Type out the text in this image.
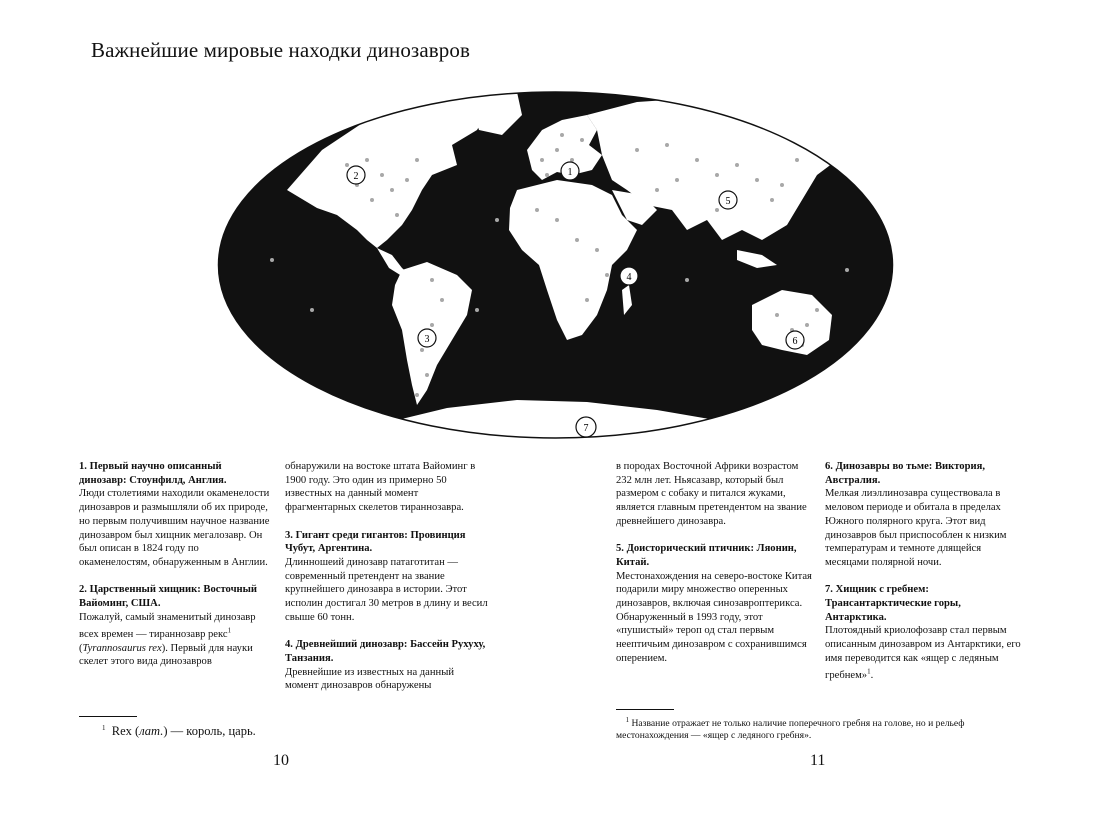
Важнейшие мировые находки динозавров
1
2
3
4
5
6
7

1. Первый научно описанный динозавр: Стоунфилд, Англия.
Люди столетиями находили окаменелости динозавров и размышляли об их природе, но первым получившим научное название динозавром был хищник мегалозавр. Он был описан в 1824 году по окаменелостям, обнаруженным в Англии.

2. Царственный хищник: Восточный Вайоминг, США.
Пожалуй, самый знаменитый динозавр всех времен — тираннозавр рекс$^1$ (Tyrannosaurus rex). Первый для науки скелет этого вида динозавров

обнаружили на востоке штата Вайоминг в 1900 году. Это один из примерно 50 известных на данный момент фрагментарных скелетов тираннозавра.

3. Гигант среди гигантов: Провинция Чубут, Аргентина.
Длинношеий динозавр патаготитан — современный претендент на звание крупнейшего динозавра в истории. Этот исполин достигал 30 метров в длину и весил свыше 60 тонн.

4. Древнейший динозавр: Бассейн Рухуху, Танзания.
Древнейшие из известных на данный момент динозавров обнаружены

в породах Восточной Африки возрастом 232 млн лет. Ньясазавр, который был размером с собаку и питался жуками, является главным претендентом на звание древнейшего динозавра.

5. Доисторический птичник: Ляонин, Китай.
Местонахождения на северо-востоке Китая подарили миру множество оперенных динозавров, включая синозавроптерикса. Обнаруженный в 1993 году, этот «пушистый» тероп од стал первым неептичьим динозавром с сохранившимся оперением.

6. Динозавры во тьме: Виктория, Австралия.
Мелкая лиэллинозавра существовала в меловом периоде и обитала в пределах Южного полярного круга. Этот вид динозавров был приспособлен к низким температурам и темноте длящейся месяцами полярной ночи.

7. Хищник с гребнем: Трансантарктические горы, Антарктика.
Плотоядный криолофозавр стал первым описанным динозавром из Антарктики, его имя переводится как «ящер с ледяным гребнем»$^1$.

$^1$ Rex (лат.) — король, царь.
$^1$ Название отражает не только наличие поперечного гребня на голове, но и рельеф местонахождения — «ящер с ледяного гребня».
10	11
